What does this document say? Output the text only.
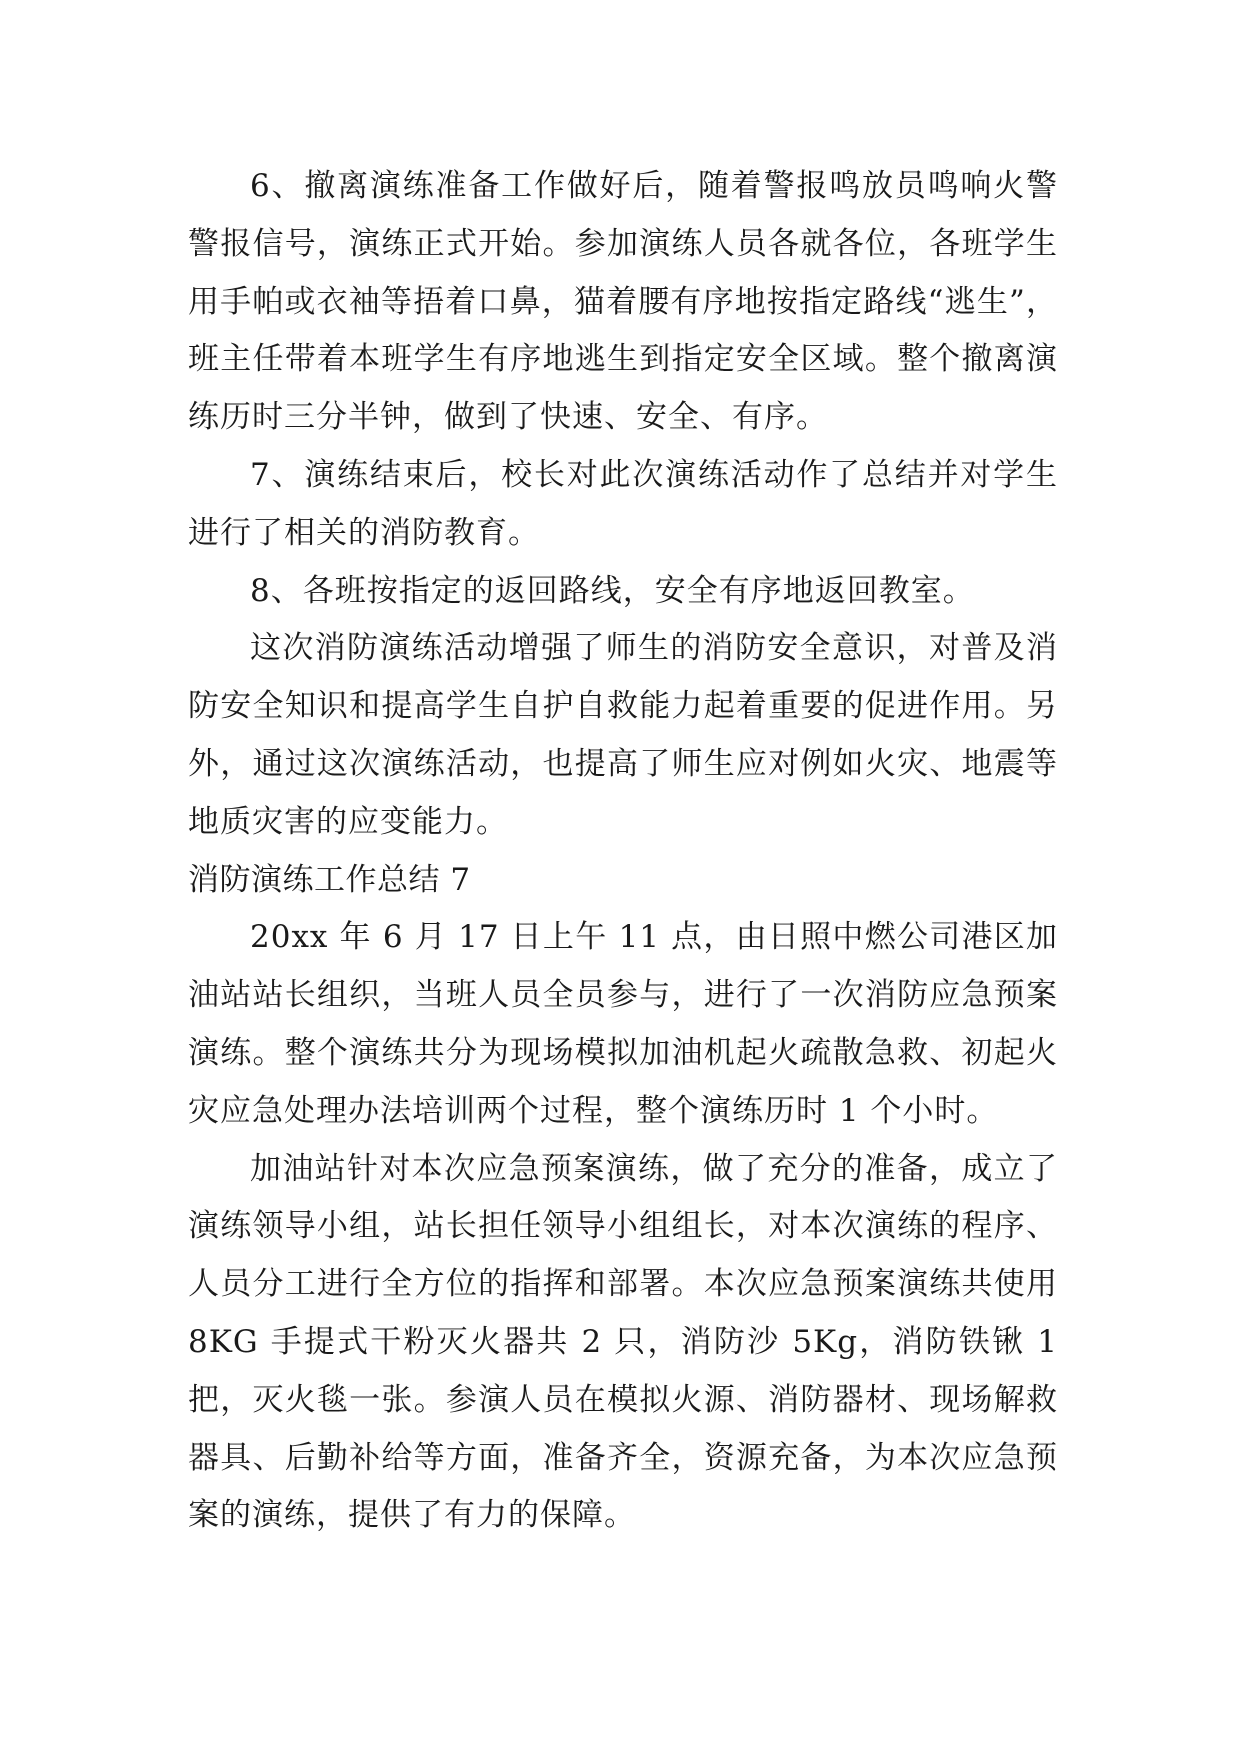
6、撤离演练准备工作做好后，随着警报鸣放员鸣响火警警报信号，演练正式开始。参加演练人员各就各位，各班学生用手帕或衣袖等捂着口鼻，猫着腰有序地按指定路线“逃生”，班主任带着本班学生有序地逃生到指定安全区域。整个撤离演练历时三分半钟，做到了快速、安全、有序。

7、演练结束后，校长对此次演练活动作了总结并对学生进行了相关的消防教育。

8、各班按指定的返回路线，安全有序地返回教室。

这次消防演练活动增强了师生的消防安全意识，对普及消防安全知识和提高学生自护自救能力起着重要的促进作用。另外，通过这次演练活动，也提高了师生应对例如火灾、地震等地质灾害的应变能力。

消防演练工作总结 7

20xx 年 6 月 17 日上午 11 点，由日照中燃公司港区加油站站长组织，当班人员全员参与，进行了一次消防应急预案演练。整个演练共分为现场模拟加油机起火疏散急救、初起火灾应急处理办法培训两个过程，整个演练历时 1 个小时。

加油站针对本次应急预案演练，做了充分的准备，成立了演练领导小组，站长担任领导小组组长，对本次演练的程序、人员分工进行全方位的指挥和部署。本次应急预案演练共使用 8KG 手提式干粉灭火器共 2 只，消防沙 5Kg，消防铁锹 1 把，灭火毯一张。参演人员在模拟火源、消防器材、现场解救器具、后勤补给等方面，准备齐全，资源充备，为本次应急预案的演练，提供了有力的保障。
